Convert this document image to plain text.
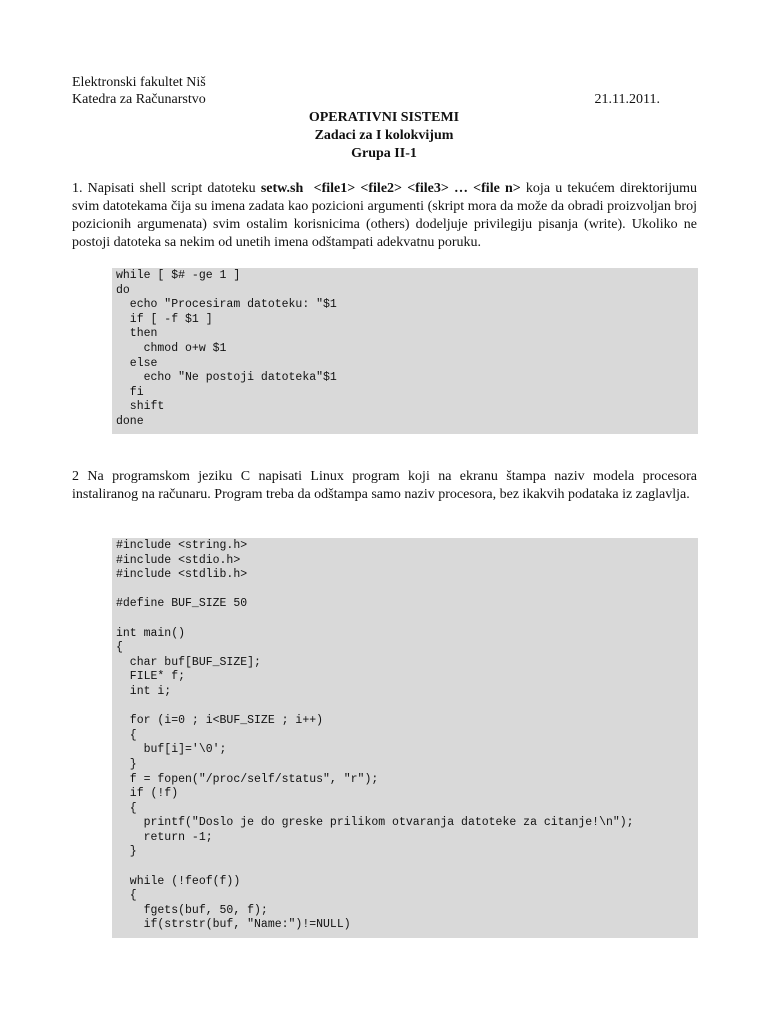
Elektronski fakultet Niš
Katedra za Računarstvo	21.11.2011.
OPERATIVNI SISTEMI
Zadaci za I kolokvijum
Grupa II-1
1. Napisati shell script datoteku setw.sh <file1> <file2> <file3> … <file n> koja u tekućem direktorijumu svim datotekama čija su imena zadata kao pozicioni argumenti (skript mora da može da obradi proizvoljan broj pozicionih argumenata) svim ostalim korisnicima (others) dodeljuje privilegiju pisanja (write). Ukoliko ne postoji datoteka sa nekim od unetih imena odštampati adekvatnu poruku.
while [ $# -ge 1 ]
do
echo "Procesiram datoteku: "$1
if [ -f $1 ]
then
chmod o+w $1
else
echo "Ne postoji datoteka"$1
fi
shift
done
2 Na programskom jeziku C napisati Linux program koji na ekranu štampa naziv modela procesora instaliranog na računaru. Program treba da odštampa samo naziv procesora, bez ikakvih podataka iz zaglavlja.
#include <string.h>
#include <stdio.h>
#include <stdlib.h>

#define BUF_SIZE 50

int main()
{
char buf[BUF_SIZE];
FILE* f;
int i;

for (i=0 ; i<BUF_SIZE ; i++)
{
buf[i]='\0';
}
f = fopen("/proc/self/status", "r");
if (!f)
{
printf("Doslo je do greske prilikom otvaranja datoteke za citanje!\n");
return -1;
}

while (!feof(f))
{
fgets(buf, 50, f);
if(strstr(buf, "Name:")!=NULL)
